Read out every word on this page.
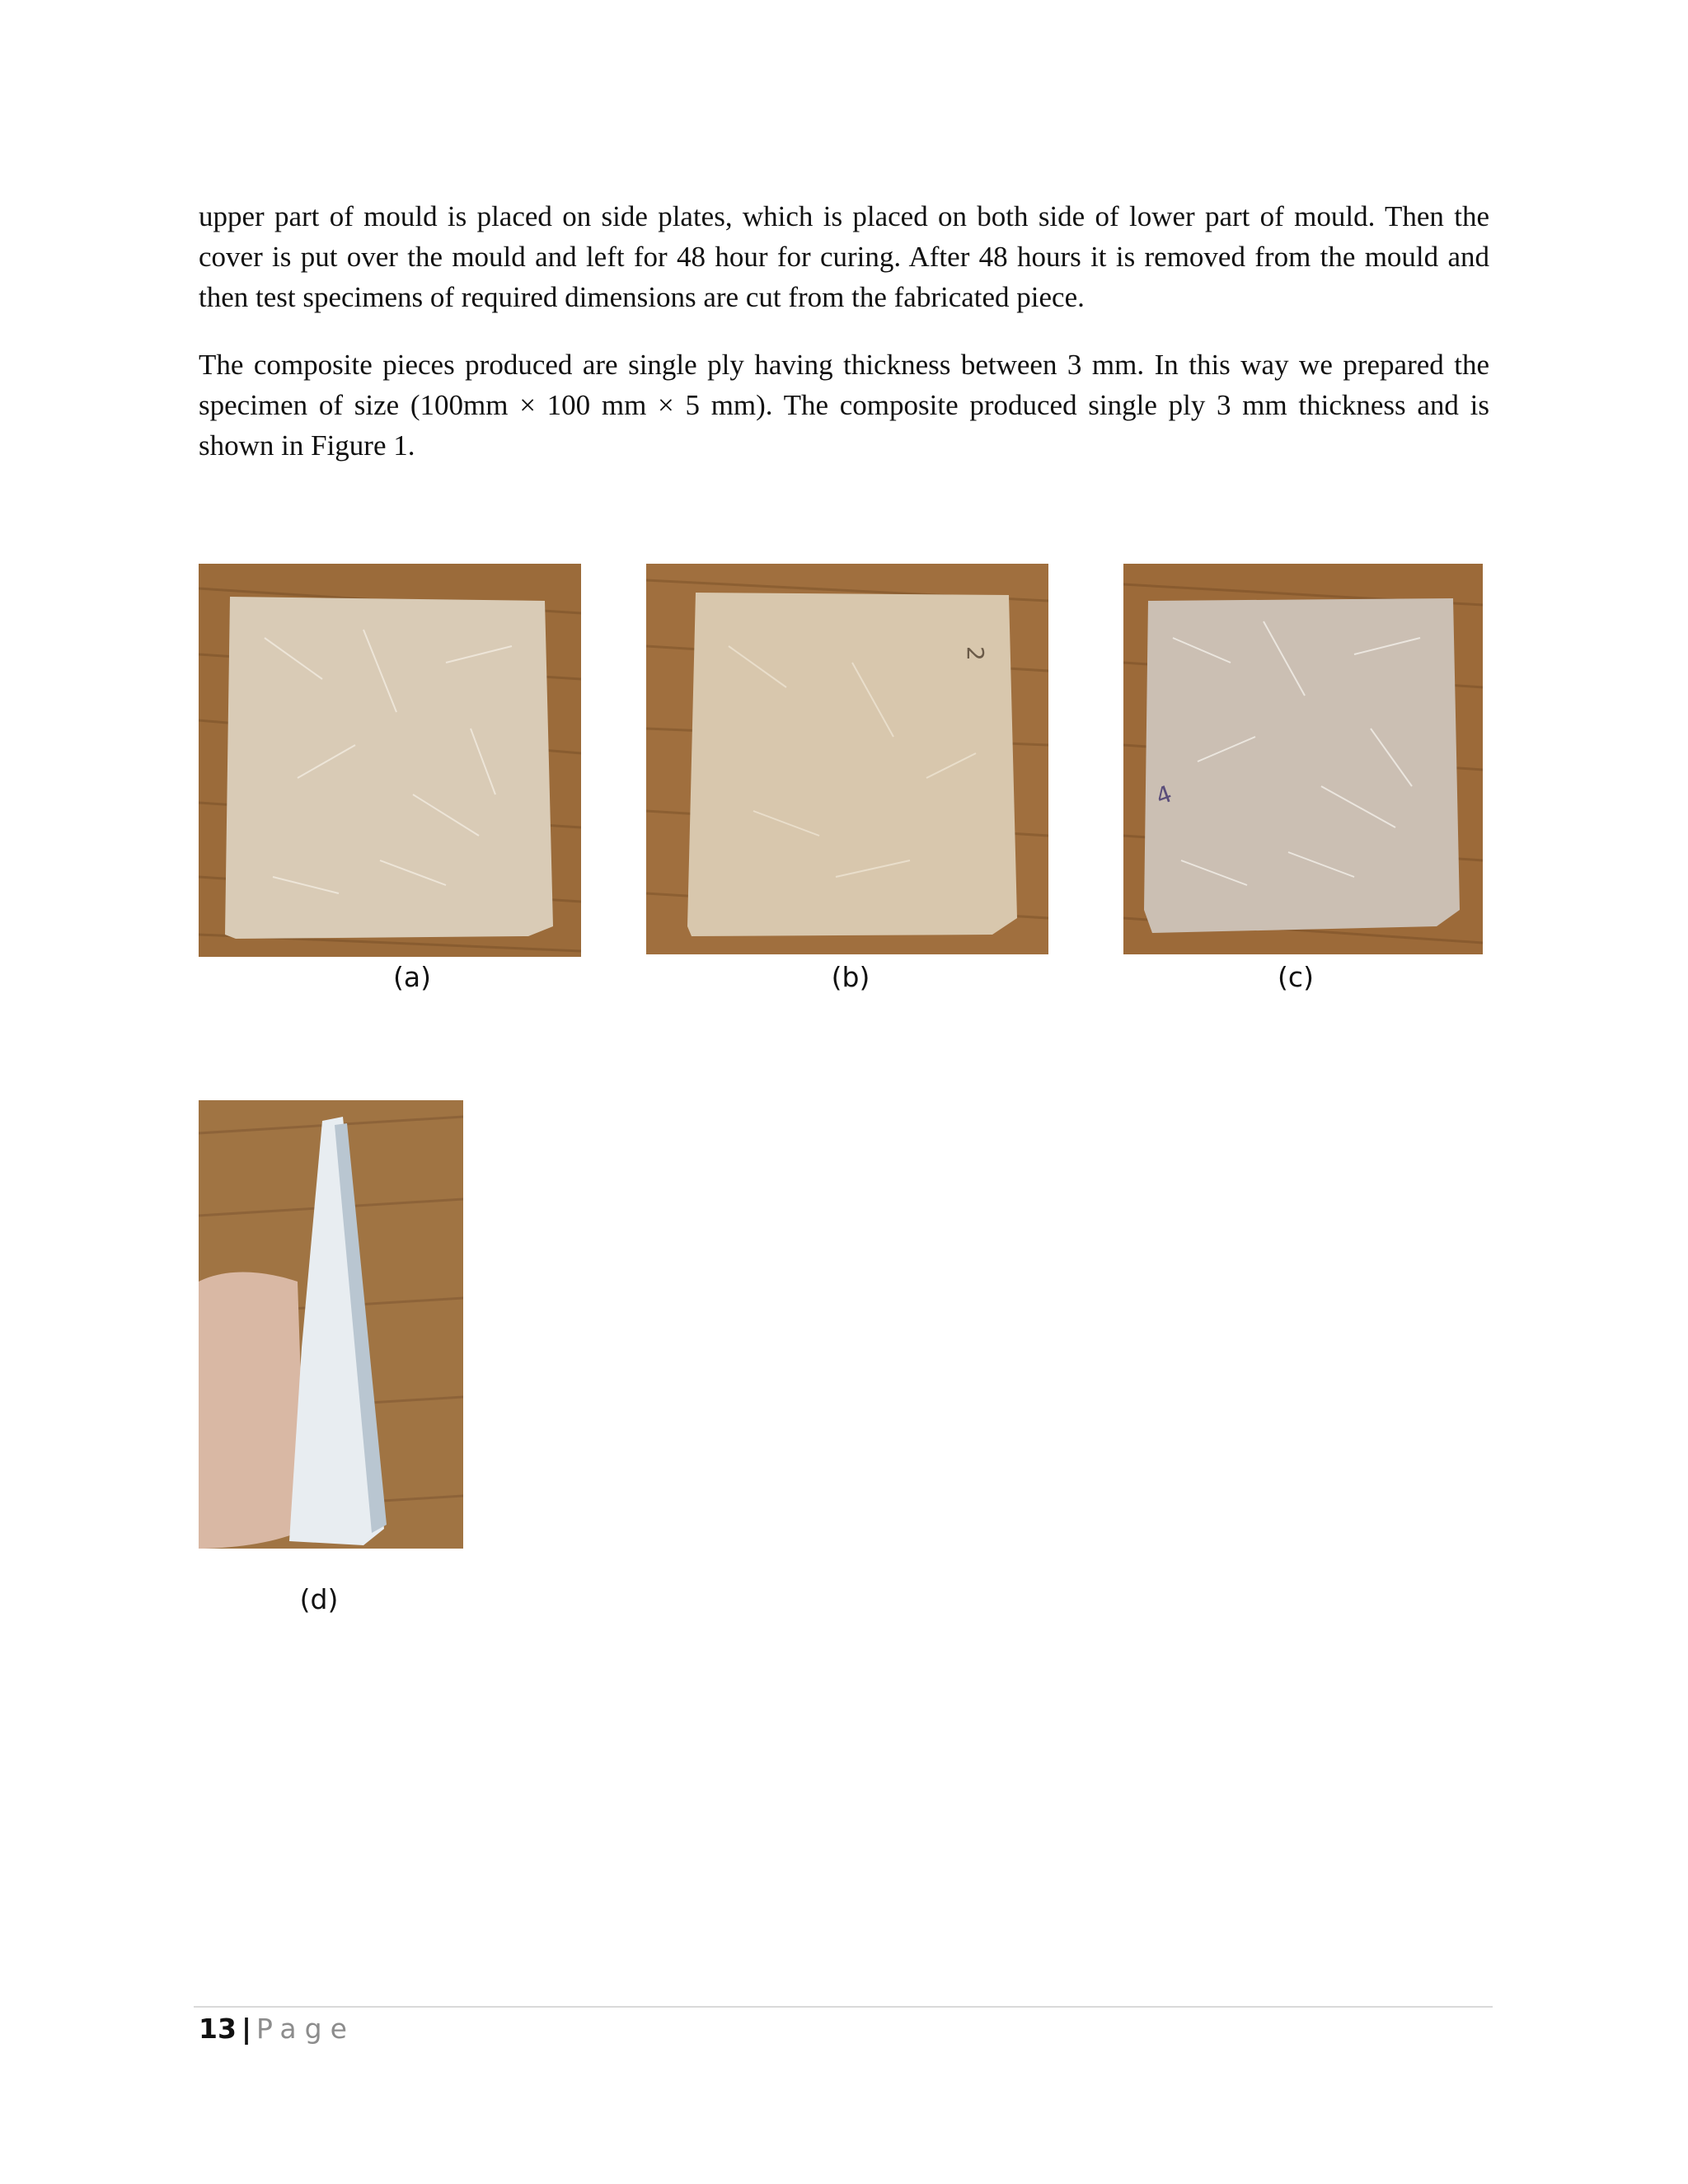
upper part of mould is placed on side plates, which is placed on both side of lower part of mould. Then the cover is put over the mould and left for 48 hour for curing. After 48 hours it is removed from the mould and then test specimens of required dimensions are cut from the fabricated piece.

The composite pieces produced are single ply having thickness between 3 mm. In this way we prepared the specimen of size (100mm × 100 mm × 5 mm). The composite produced single ply 3 mm thickness and is shown in Figure 1.

2
4
(a)	(b)	(c)
(d)
13 | Page
